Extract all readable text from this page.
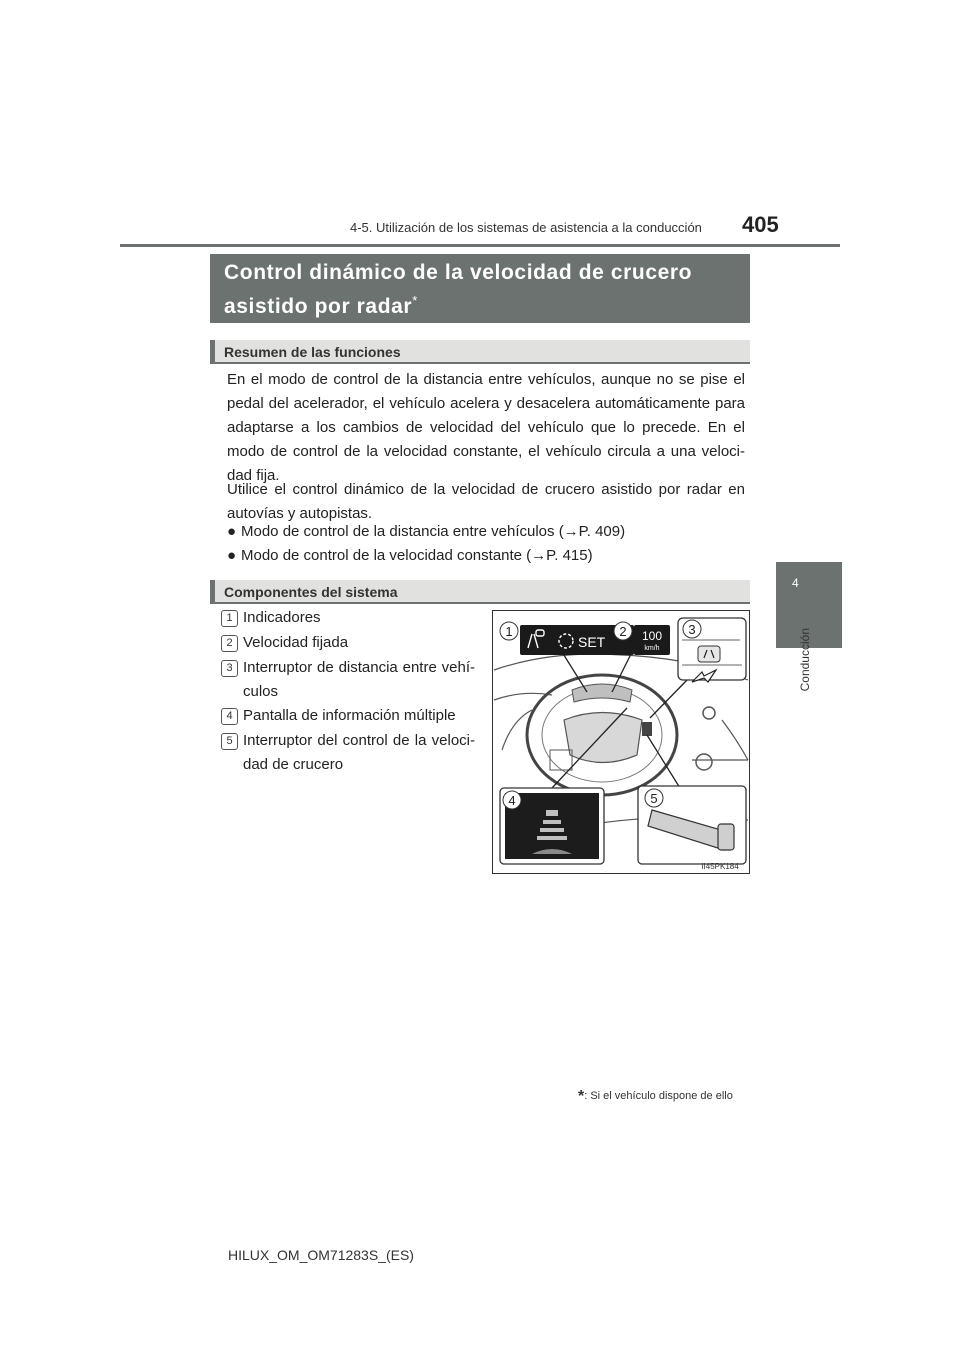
4-5. Utilización de los sistemas de asistencia a la conducción 405
4
Conducción
Control dinámico de la velocidad de crucero asistido por radar*
Resumen de las funciones
En el modo de control de la distancia entre vehículos, aunque no se pise el pedal del acelerador, el vehículo acelera y desacelera automáticamente para adaptarse a los cambios de velocidad del vehículo que lo precede. En el modo de control de la velocidad constante, el vehículo circula a una veloci-dad fija.
Utilice el control dinámico de la velocidad de crucero asistido por radar en autovías y autopistas.
● Modo de control de la distancia entre vehículos (→P. 409)
● Modo de control de la velocidad constante (→P. 415)
Componentes del sistema
1 Indicadores
2 Velocidad fijada
3 Interruptor de distancia entre vehí-culos
4 Pantalla de información múltiple
5 Interruptor del control de la veloci-dad de crucero
SET	100
km/h
1	2	3
4	5
II45PK184
*: Si el vehículo dispone de ello
HILUX_OM_OM71283S_(ES)
